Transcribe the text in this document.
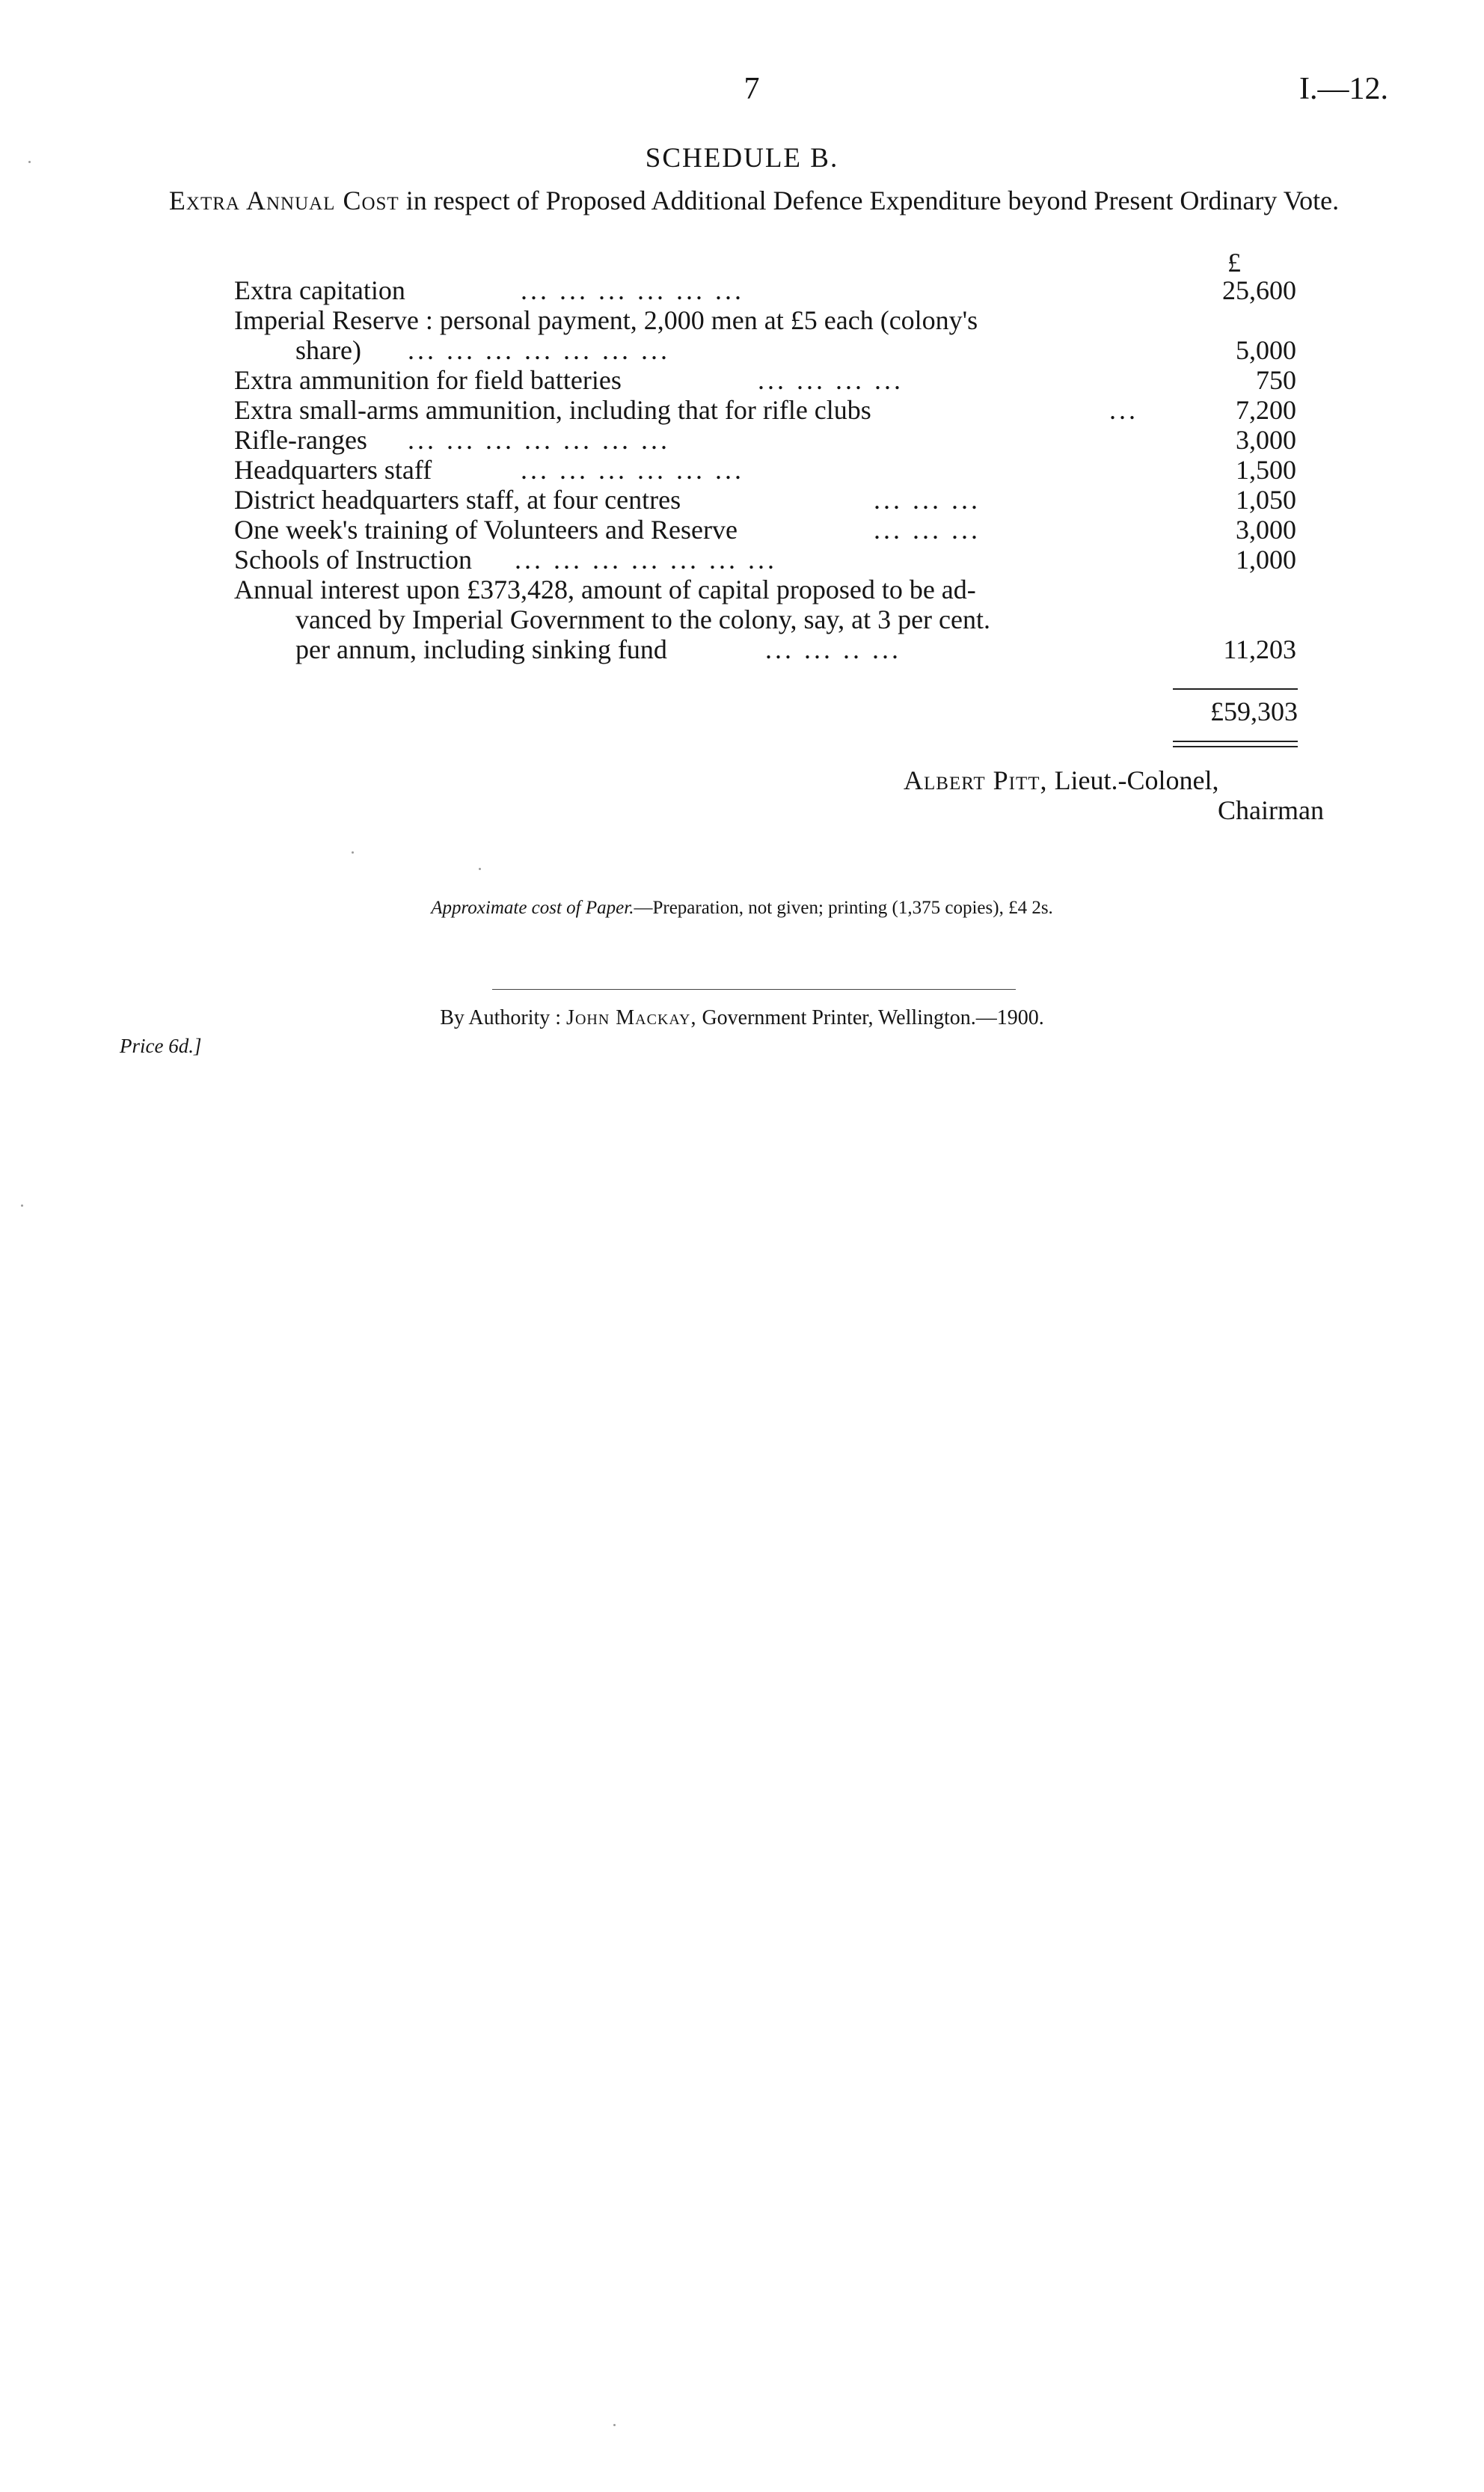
7	I.—12.
SCHEDULE B.
Extra Annual Cost in respect of Proposed Additional Defence Expenditure beyond Present Ordinary Vote.
£
Extra capitation	... ... ... ... ... ...	25,600
Imperial Reserve : personal payment, 2,000 men at £5 each (colony's
share) ... ... ... ... ... ... ...	5,000
Extra ammunition for field batteries	... ... ... ...	750
Extra small-arms ammunition, including that for rifle clubs	...	7,200
Rifle-ranges ... ... ... ... ... ... ...	3,000
Headquarters staff	... ... ... ... ... ...	1,500
District headquarters staff, at four centres	... ... ...	1,050
One week's training of Volunteers and Reserve	... ... ...	3,000
Schools of Instruction ... ... ... ... ... ... ...	1,000
Annual interest upon £373,428, amount of capital proposed to be ad-
vanced by Imperial Government to the colony, say, at 3 per cent.
per annum, including sinking fund	... ... .. ...	11,203
£59,303
Albert Pitt, Lieut.-Colonel,
Chairman
Approximate cost of Paper.—Preparation, not given; printing (1,375 copies), £4 2s.
By Authority : John Mackay, Government Printer, Wellington.—1900.
Price 6d.]
